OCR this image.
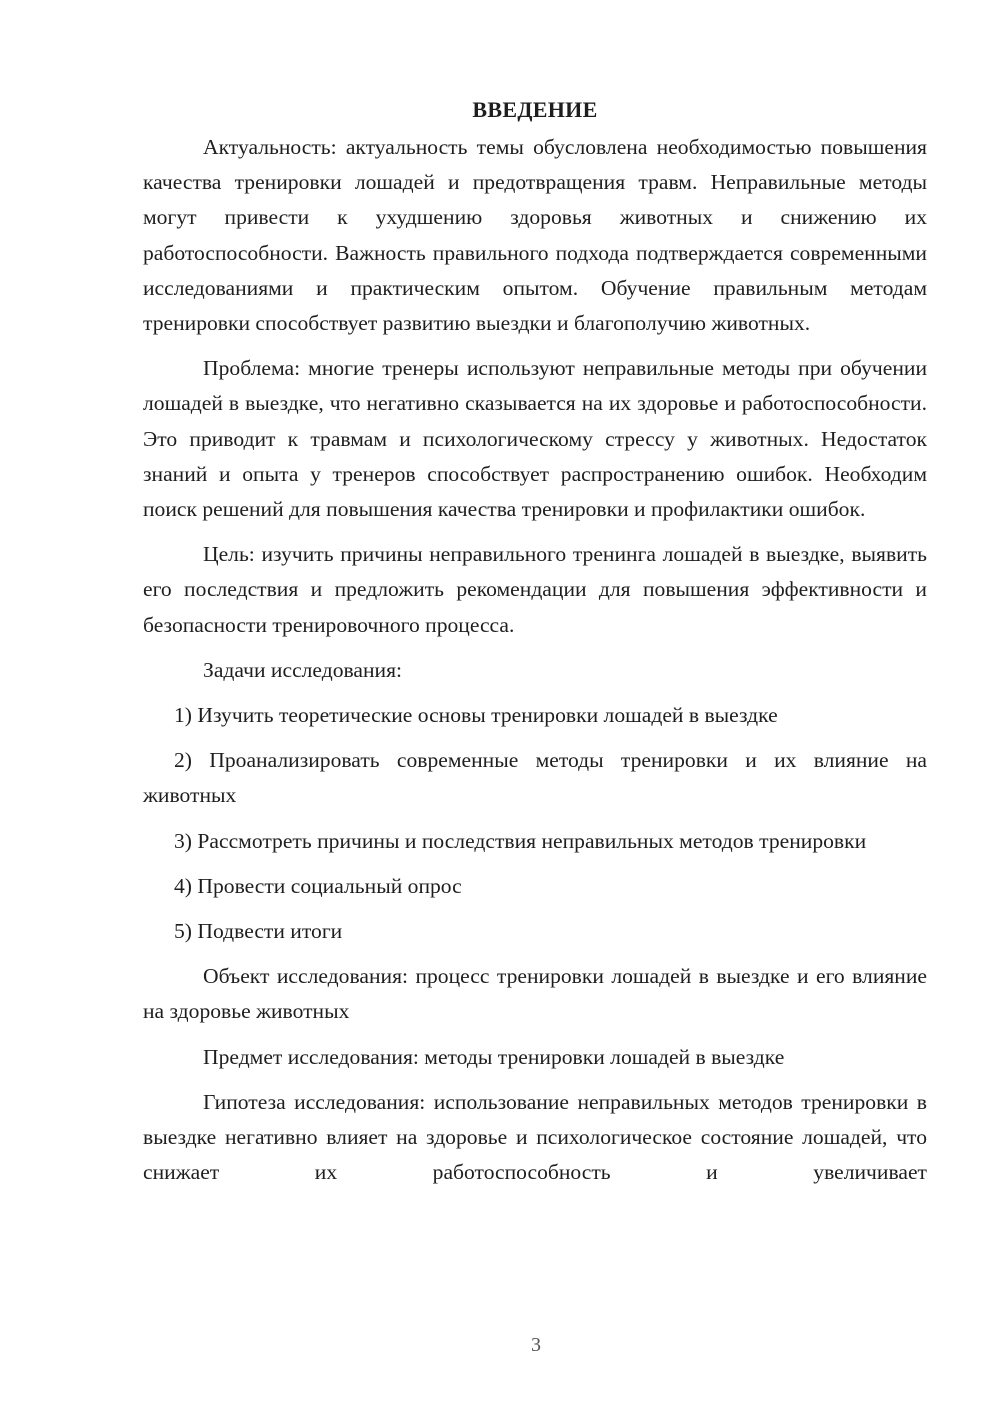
ВВЕДЕНИЕ

Актуальность: актуальность темы обусловлена необходимостью повышения качества тренировки лошадей и предотвращения травм. Неправильные методы могут привести к ухудшению здоровья животных и снижению их работоспособности. Важность правильного подхода подтверждается современными исследованиями и практическим опытом. Обучение правильным методам тренировки способствует развитию выездки и благополучию животных.

Проблема: многие тренеры используют неправильные методы при обучении лошадей в выездке, что негативно сказывается на их здоровье и работоспособности. Это приводит к травмам и психологическому стрессу у животных. Недостаток знаний и опыта у тренеров способствует распространению ошибок. Необходим поиск решений для повышения качества тренировки и профилактики ошибок.

Цель: изучить причины неправильного тренинга лошадей в выездке, выявить его последствия и предложить рекомендации для повышения эффективности и безопасности тренировочного процесса.

Задачи исследования:

1) Изучить теоретические основы тренировки лошадей в выездке

2) Проанализировать современные методы тренировки и их влияние на животных

3) Рассмотреть причины и последствия неправильных методов тренировки

4) Провести социальный опрос

5) Подвести итоги

Объект исследования: процесс тренировки лошадей в выездке и его влияние на здоровье животных

Предмет исследования: методы тренировки лошадей в выездке

Гипотеза исследования: использование неправильных методов тренировки в выездке негативно влияет на здоровье и психологическое состояние лошадей, что снижает их работоспособность и увеличивает

3
